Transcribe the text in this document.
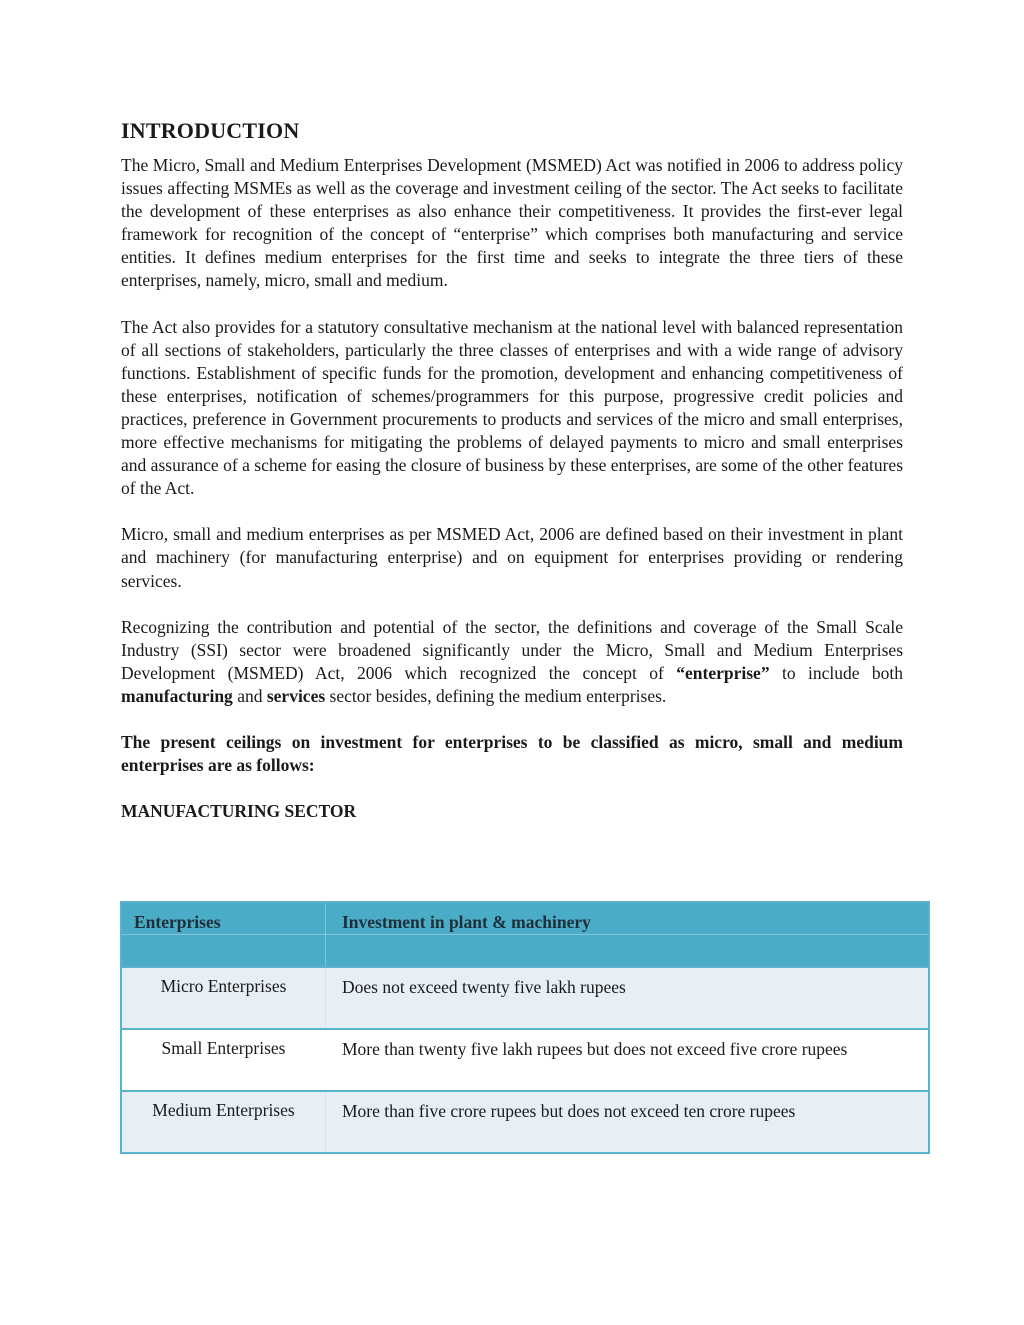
INTRODUCTION

The Micro, Small and Medium Enterprises Development (MSMED) Act was notified in 2006 to address policy issues affecting MSMEs as well as the coverage and investment ceiling of the sector. The Act seeks to facilitate the development of these enterprises as also enhance their competitiveness. It provides the first-ever legal framework for recognition of the concept of “enterprise” which comprises both manufacturing and service entities. It defines medium enterprises for the first time and seeks to integrate the three tiers of these enterprises, namely, micro, small and medium.

The Act also provides for a statutory consultative mechanism at the national level with balanced representation of all sections of stakeholders, particularly the three classes of enterprises and with a wide range of advisory functions. Establishment of specific funds for the promotion, development and enhancing competitiveness of these enterprises, notification of schemes/programmers for this purpose, progressive credit policies and practices, preference in Government procurements to products and services of the micro and small enterprises, more effective mechanisms for mitigating the problems of delayed payments to micro and small enterprises and assurance of a scheme for easing the closure of business by these enterprises, are some of the other features of the Act.

Micro, small and medium enterprises as per MSMED Act, 2006 are defined based on their investment in plant and machinery (for manufacturing enterprise) and on equipment for enterprises providing or rendering services.

Recognizing the contribution and potential of the sector, the definitions and coverage of the Small Scale Industry (SSI) sector were broadened significantly under the Micro, Small and Medium Enterprises Development (MSMED) Act, 2006 which recognized the concept of “enterprise” to include both manufacturing and services sector besides, defining the medium enterprises.

The present ceilings on investment for enterprises to be classified as micro, small and medium enterprises are as follows:

MANUFACTURING SECTOR

Enterprises	Investment in plant & machinery
Micro Enterprises	Does not exceed twenty five lakh rupees
Small Enterprises	More than twenty five lakh rupees but does not exceed five crore rupees
Medium Enterprises	More than five crore rupees but does not exceed ten crore rupees
